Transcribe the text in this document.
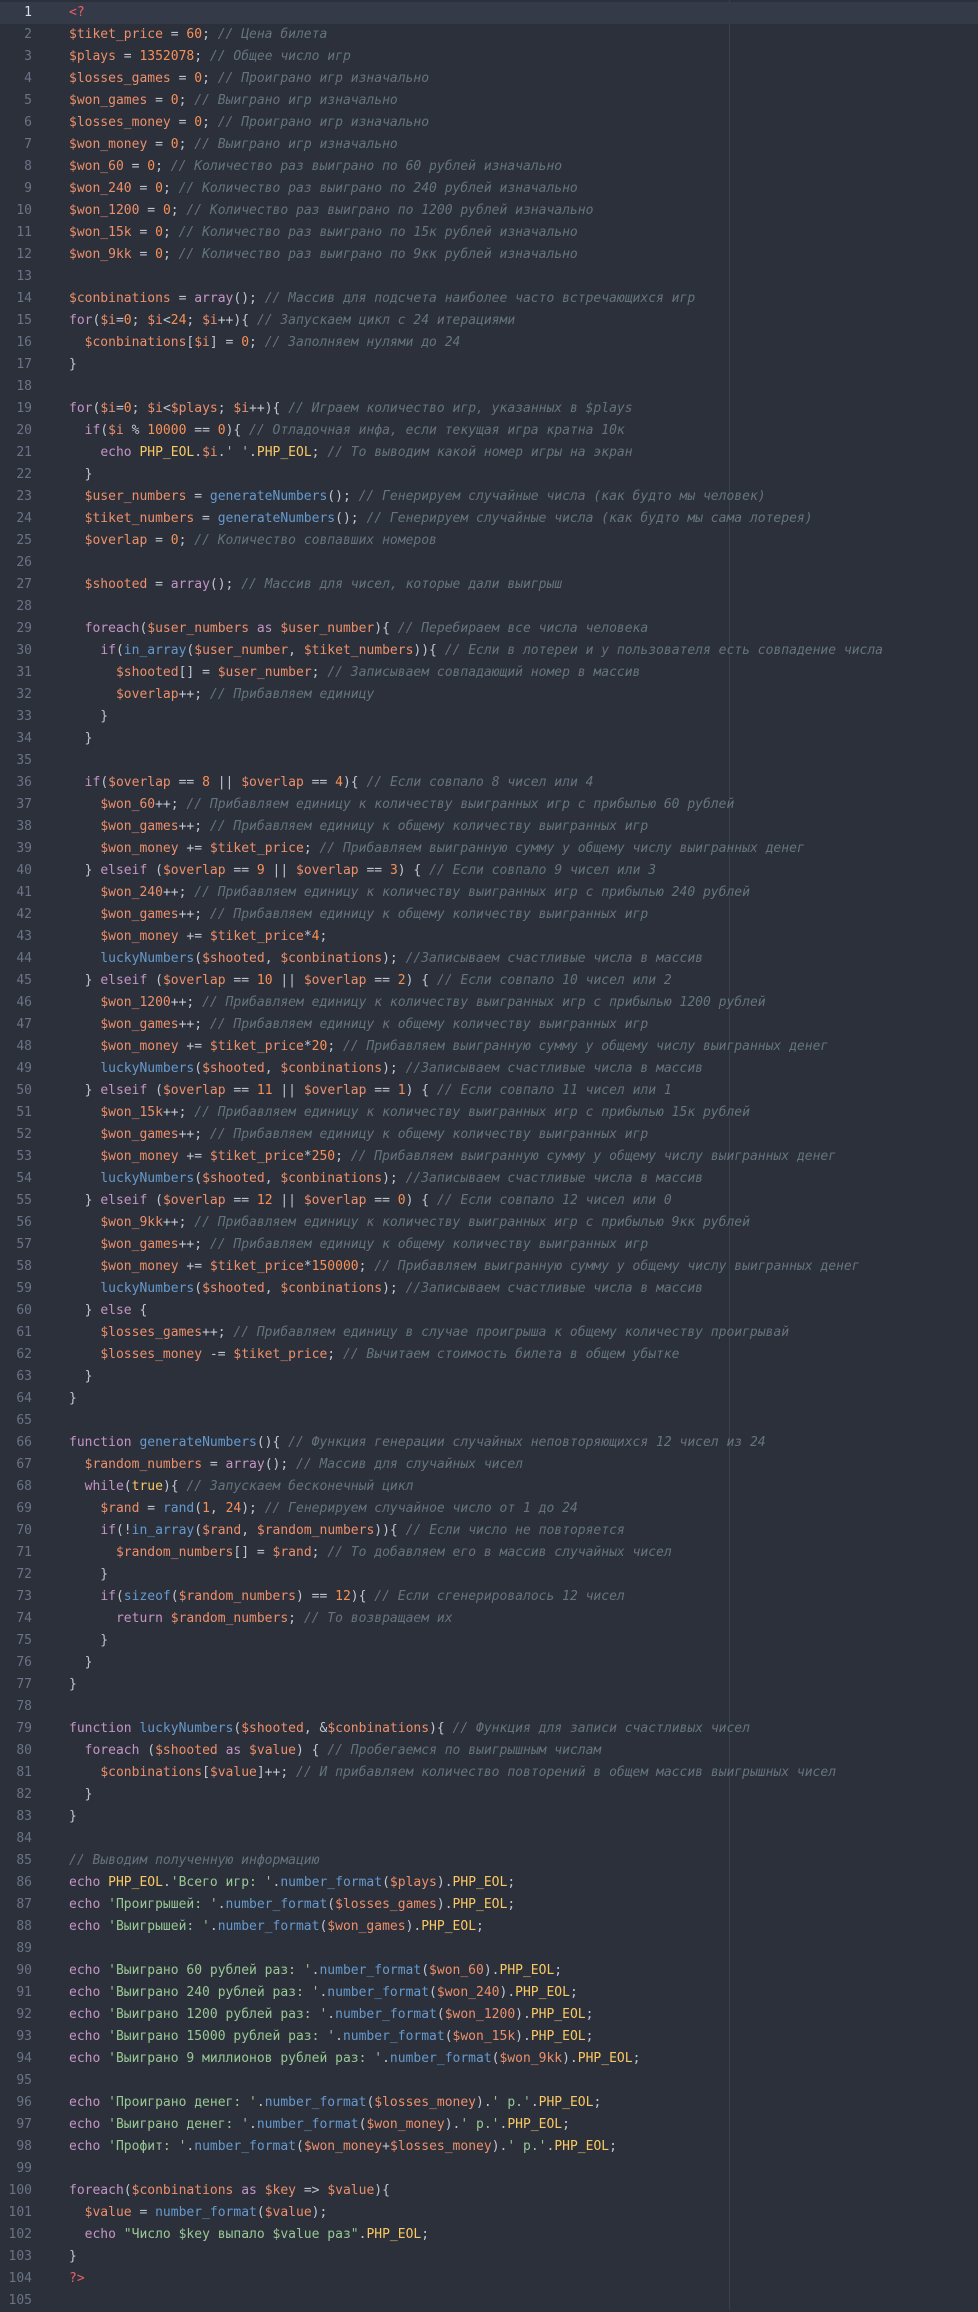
1	<?
2	$tiket_price = 60; // Цена билета
3	$plays = 1352078; // Общее число игр
4	$losses_games = 0; // Проиграно игр изначально
5	$won_games = 0; // Выиграно игр изначально
6	$losses_money = 0; // Проиграно игр изначально
7	$won_money = 0; // Выиграно игр изначально
8	$won_60 = 0; // Количество раз выиграно по 60 рублей изначально
9	$won_240 = 0; // Количество раз выиграно по 240 рублей изначально
10	$won_1200 = 0; // Количество раз выиграно по 1200 рублей изначально
11	$won_15k = 0; // Количество раз выиграно по 15к рублей изначально
12	$won_9kk = 0; // Количество раз выиграно по 9кк рублей изначально
13
14	$conbinations = array(); // Массив для подсчета наиболее часто встречающихся игр
15	for($i=0; $i<24; $i++){ // Запускаем цикл с 24 итерациями
16	$conbinations[$i] = 0; // Заполняем нулями до 24
17	}
18
19	for($i=0; $i<$plays; $i++){ // Играем количество игр, указанных в $plays
20	if($i % 10000 == 0){ // Отладочная инфа, если текущая игра кратна 10к
21	echo PHP_EOL.$i.' '.PHP_EOL; // То выводим какой номер игры на экран
22	}
23	$user_numbers = generateNumbers(); // Генерируем случайные числа (как будто мы человек)
24	$tiket_numbers = generateNumbers(); // Генерируем случайные числа (как будто мы сама лотерея)
25	$overlap = 0; // Количество совпавших номеров
26
27	$shooted = array(); // Массив для чисел, которые дали выигрыш
28
29	foreach($user_numbers as $user_number){ // Перебираем все числа человека
30	if(in_array($user_number, $tiket_numbers)){ // Если в лотереи и у пользователя есть совпадение числа
31	$shooted[] = $user_number; // Записываем совпадающий номер в массив
32	$overlap++; // Прибавляем единицу
33	}
34	}
35
36	if($overlap == 8 || $overlap == 4){ // Если совпало 8 чисел или 4
37	$won_60++; // Прибавляем единицу к количеству выигранных игр с прибылью 60 рублей
38	$won_games++; // Прибавляем единицу к общему количеству выигранных игр
39	$won_money += $tiket_price; // Прибавляем выигранную сумму у общему числу выигранных денег
40	} elseif ($overlap == 9 || $overlap == 3) { // Если совпало 9 чисел или 3
41	$won_240++; // Прибавляем единицу к количеству выигранных игр с прибылью 240 рублей
42	$won_games++; // Прибавляем единицу к общему количеству выигранных игр
43	$won_money += $tiket_price*4;
44	luckyNumbers($shooted, $conbinations); //Записываем счастливые числа в массив
45	} elseif ($overlap == 10 || $overlap == 2) { // Если совпало 10 чисел или 2
46	$won_1200++; // Прибавляем единицу к количеству выигранных игр с прибылью 1200 рублей
47	$won_games++; // Прибавляем единицу к общему количеству выигранных игр
48	$won_money += $tiket_price*20; // Прибавляем выигранную сумму у общему числу выигранных денег
49	luckyNumbers($shooted, $conbinations); //Записываем счастливые числа в массив
50	} elseif ($overlap == 11 || $overlap == 1) { // Если совпало 11 чисел или 1
51	$won_15k++; // Прибавляем единицу к количеству выигранных игр с прибылью 15к рублей
52	$won_games++; // Прибавляем единицу к общему количеству выигранных игр
53	$won_money += $tiket_price*250; // Прибавляем выигранную сумму у общему числу выигранных денег
54	luckyNumbers($shooted, $conbinations); //Записываем счастливые числа в массив
55	} elseif ($overlap == 12 || $overlap == 0) { // Если совпало 12 чисел или 0
56	$won_9kk++; // Прибавляем единицу к количеству выигранных игр с прибылью 9кк рублей
57	$won_games++; // Прибавляем единицу к общему количеству выигранных игр
58	$won_money += $tiket_price*150000; // Прибавляем выигранную сумму у общему числу выигранных денег
59	luckyNumbers($shooted, $conbinations); //Записываем счастливые числа в массив
60	} else {
61	$losses_games++; // Прибавляем единицу в случае проигрыша к общему количеству проигрывай
62	$losses_money -= $tiket_price; // Вычитаем стоимость билета в общем убытке
63	}
64	}
65
66	function generateNumbers(){ // Функция генерации случайных неповторяющихся 12 чисел из 24
67	$random_numbers = array(); // Массив для случайных чисел
68	while(true){ // Запускаем бесконечный цикл
69	$rand = rand(1, 24); // Генерируем случайное число от 1 до 24
70	if(!in_array($rand, $random_numbers)){ // Если число не повторяется
71	$random_numbers[] = $rand; // То добавляем его в массив случайных чисел
72	}
73	if(sizeof($random_numbers) == 12){ // Если сгенерировалось 12 чисел
74	return $random_numbers; // То возвращаем их
75	}
76	}
77	}
78
79	function luckyNumbers($shooted, &$conbinations){ // Функция для записи счастливых чисел
80	foreach ($shooted as $value) { // Пробегаемся по выигрышным числам
81	$conbinations[$value]++; // И прибавляем количество повторений в общем массив выигрышных чисел
82	}
83	}
84
85	// Выводим полученную информацию
86	echo PHP_EOL.'Всего игр: '.number_format($plays).PHP_EOL;
87	echo 'Проигрышей: '.number_format($losses_games).PHP_EOL;
88	echo 'Выигрышей: '.number_format($won_games).PHP_EOL;
89
90	echo 'Выиграно 60 рублей раз: '.number_format($won_60).PHP_EOL;
91	echo 'Выиграно 240 рублей раз: '.number_format($won_240).PHP_EOL;
92	echo 'Выиграно 1200 рублей раз: '.number_format($won_1200).PHP_EOL;
93	echo 'Выиграно 15000 рублей раз: '.number_format($won_15k).PHP_EOL;
94	echo 'Выиграно 9 миллионов рублей раз: '.number_format($won_9kk).PHP_EOL;
95
96	echo 'Проиграно денег: '.number_format($losses_money).' р.'.PHP_EOL;
97	echo 'Выиграно денег: '.number_format($won_money).' р.'.PHP_EOL;
98	echo 'Профит: '.number_format($won_money+$losses_money).' р.'.PHP_EOL;
99
100	foreach($conbinations as $key => $value){
101	$value = number_format($value);
102	echo "Число $key выпало $value раз".PHP_EOL;
103	}
104	?>
105
